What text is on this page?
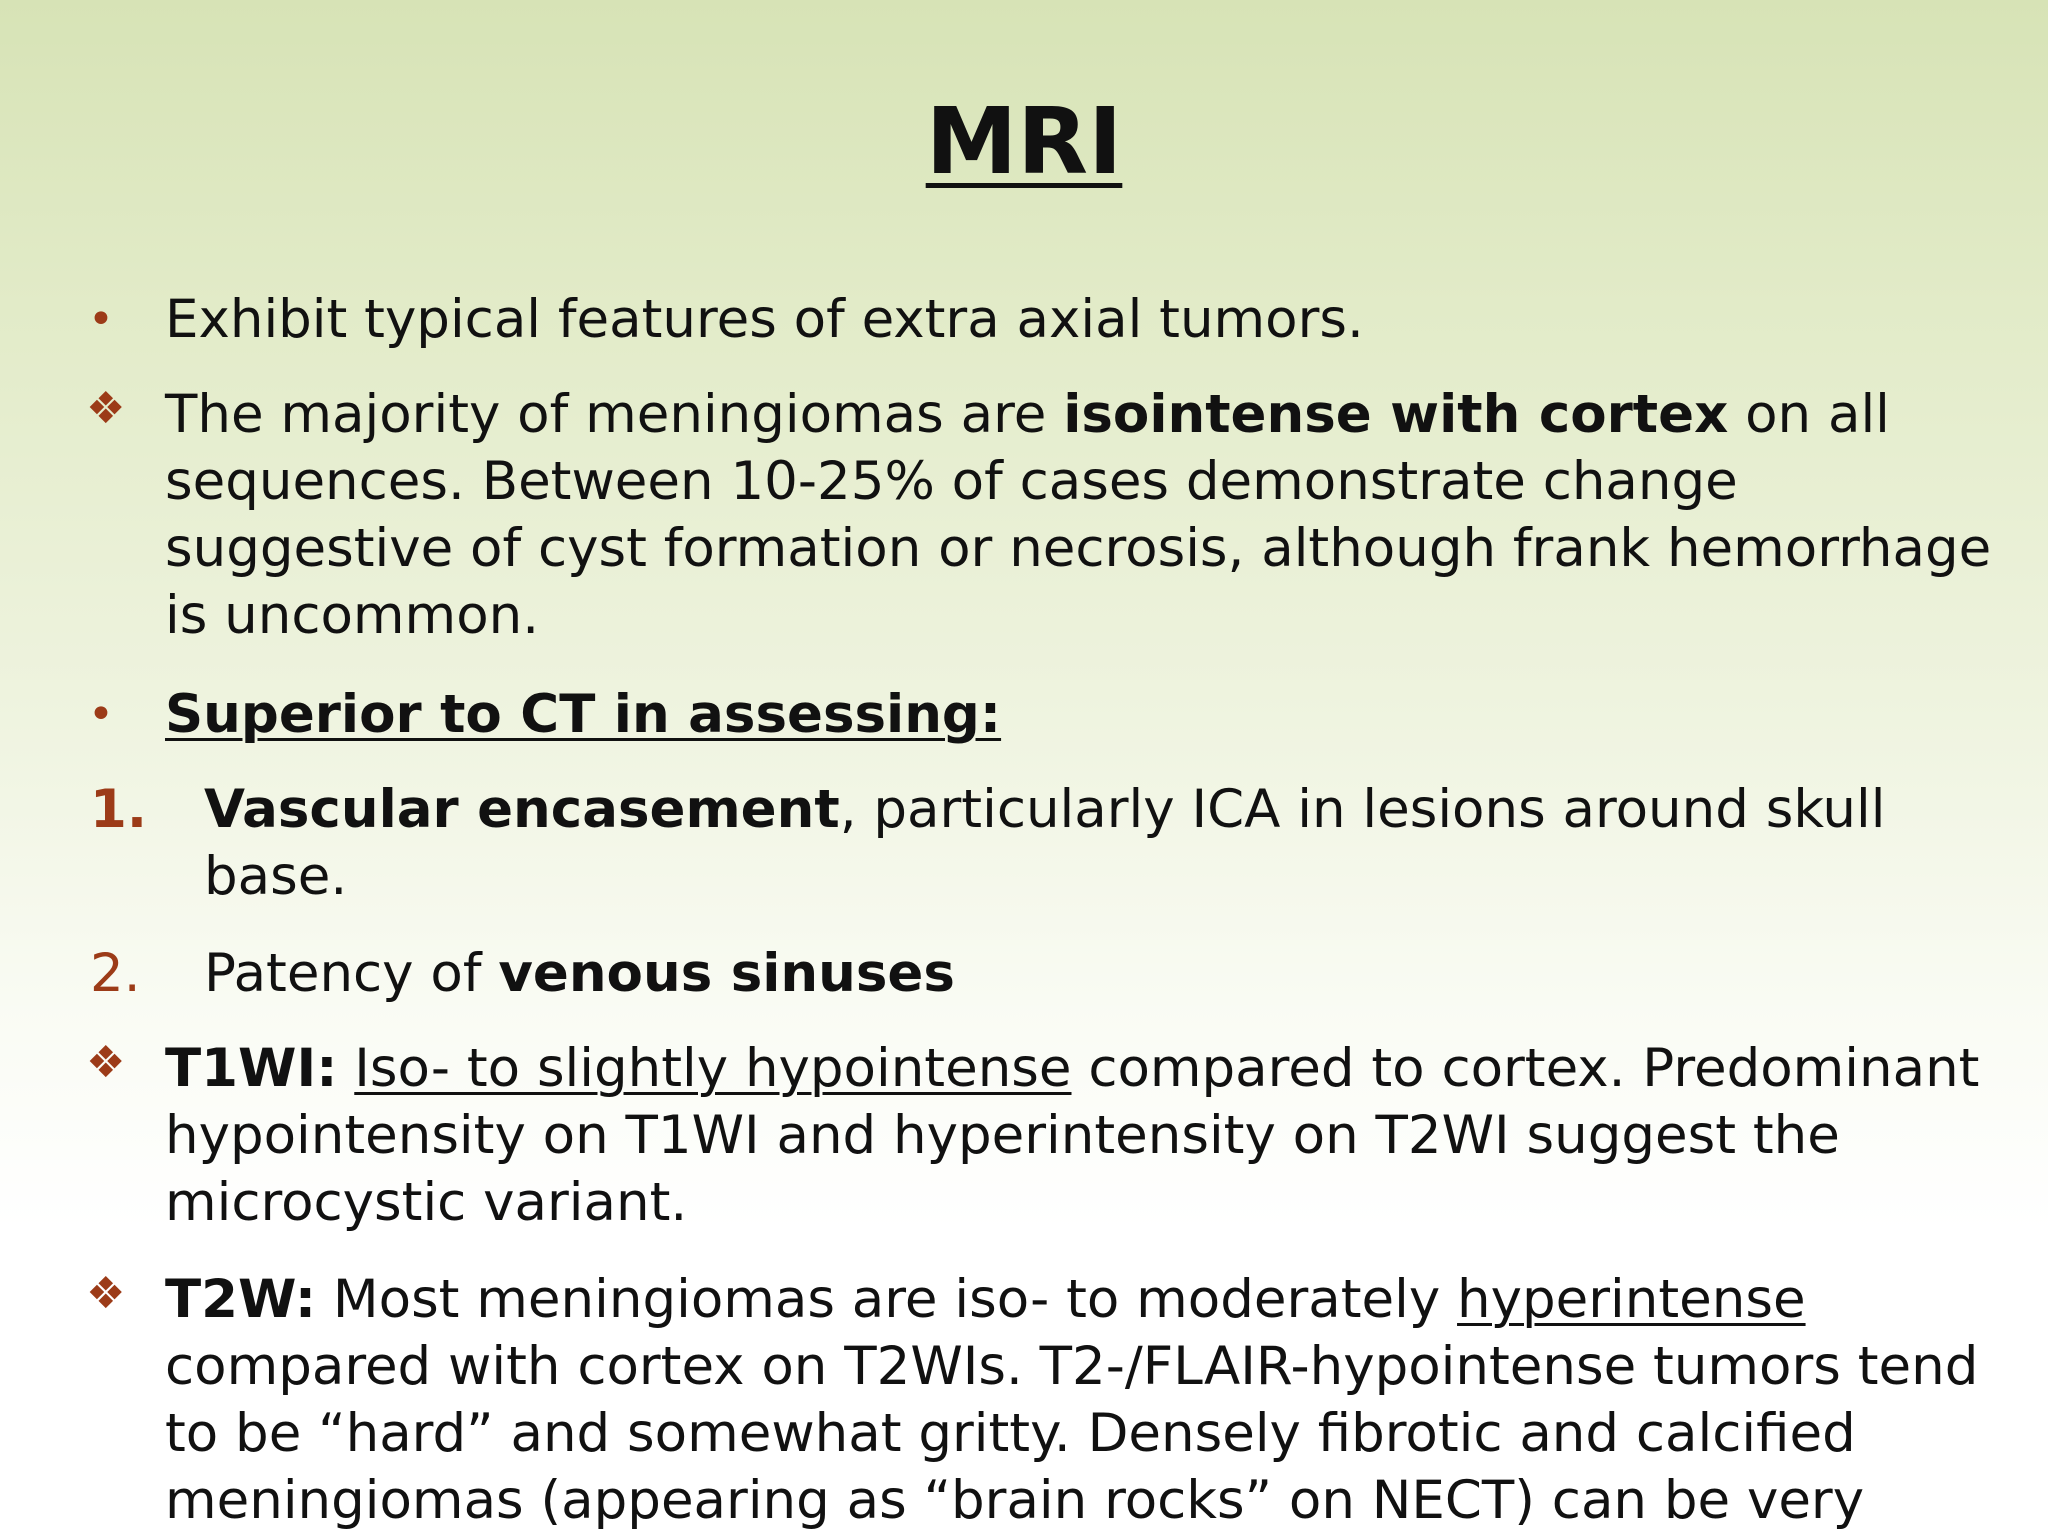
MRI
• Exhibit typical features of extra axial tumors.
❖ The majority of meningiomas are isointense with cortex on all sequences. Between 10-25% of cases demonstrate change suggestive of cyst formation or necrosis, although frank hemorrhage is uncommon.
• Superior to CT in assessing:
1. Vascular encasement, particularly ICA in lesions around skull base.
2. Patency of venous sinuses
❖ T1WI: Iso- to slightly hypointense compared to cortex. Predominant hypointensity on T1WI and hyperintensity on T2WI suggest the microcystic variant.
❖ T2W: Most meningiomas are iso- to moderately hyperintense compared with cortex on T2WIs. T2-/FLAIR-hypointense tumors tend to be “hard” and somewhat gritty. Densely fibrotic and calcified meningiomas (appearing as “brain rocks” on NECT) can be very
